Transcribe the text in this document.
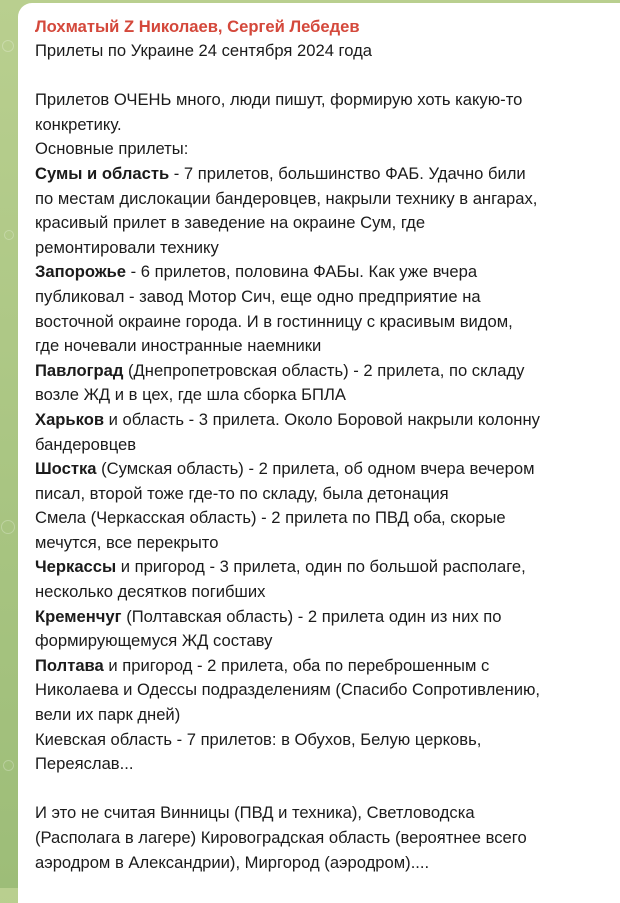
Лохматый Z Николаев, Сергей Лебедев
Прилеты по Украине 24 сентября 2024 года
Прилетов ОЧЕНЬ много, люди пишут, формирую хоть какую-то
конкретику.
Основные прилеты:
Сумы и область - 7 прилетов, большинство ФАБ. Удачно били
по местам дислокации бандеровцев, накрыли технику в ангарах,
красивый прилет в заведение на окраине Сум, где
ремонтировали технику
Запорожье - 6 прилетов, половина ФАБы. Как уже вчера
публиковал - завод Мотор Сич, еще одно предприятие на
восточной окраине города. И в гостинницу с красивым видом,
где ночевали иностранные наемники
Павлоград (Днепропетровская область) - 2 прилета, по складу
возле ЖД и в цех, где шла сборка БПЛА
Харьков и область - 3 прилета. Около Боровой накрыли колонну
бандеровцев
Шостка (Сумская область) - 2 прилета, об одном вчера вечером
писал, второй тоже где-то по складу, была детонация
Смела (Черкасская область) - 2 прилета по ПВД оба, скорые
мечутся, все перекрыто
Черкассы и пригород - 3 прилета, один по большой располаге,
несколько десятков погибших
Кременчуг (Полтавская область) - 2 прилета один из них по
формирующемуся ЖД составу
Полтава и пригород - 2 прилета, оба по переброшенным с
Николаева и Одессы подразделениям (Спасибо Сопротивлению,
вели их парк дней)
Киевская область - 7 прилетов: в Обухов, Белую церковь,
Переяслав...
И это не считая Винницы (ПВД и техника), Светловодска
(Располага в лагере) Кировоградская область (вероятнее всего
аэродром в Александрии), Миргород (аэродром)....
